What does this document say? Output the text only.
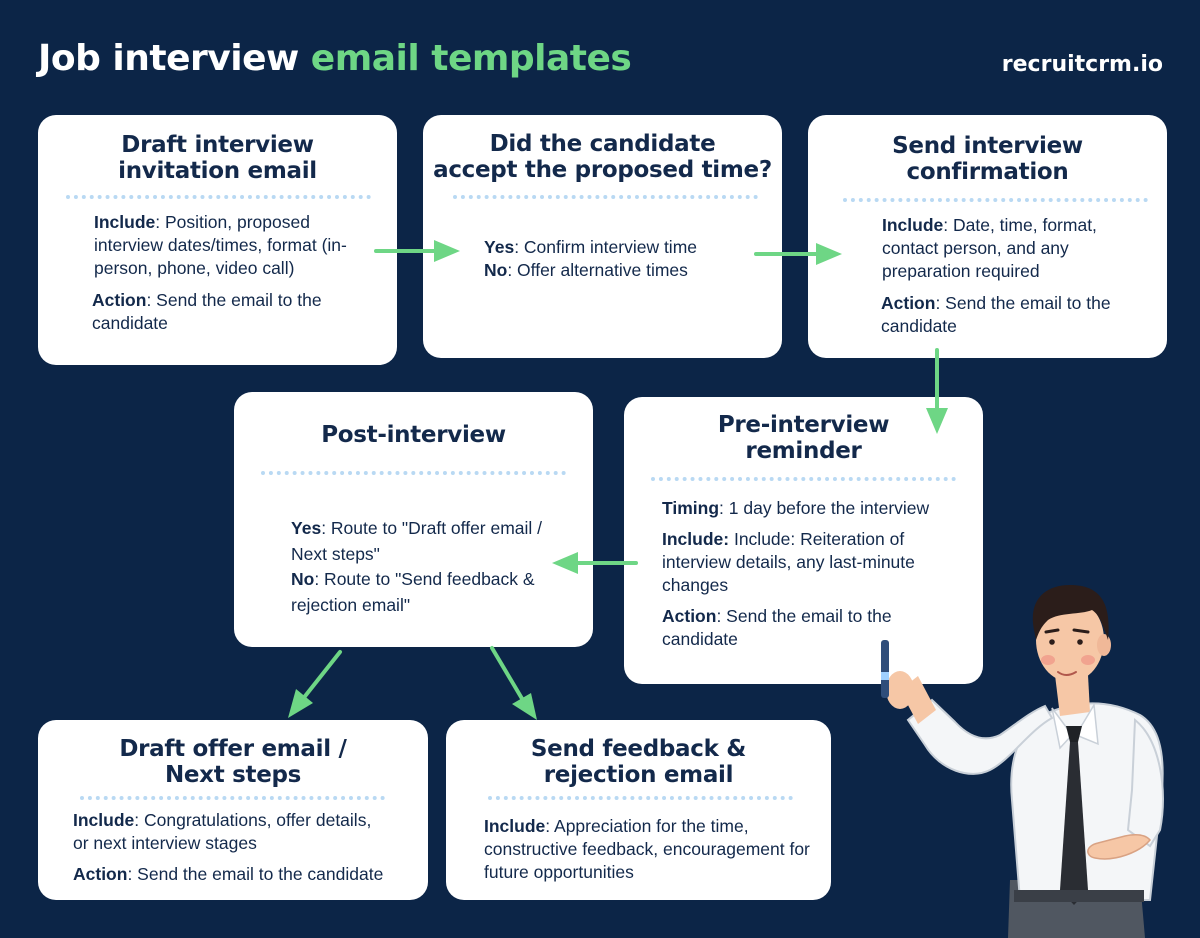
Job interview email templates	recruitcrm.io
Draft interview
invitation email

Include: Position, proposed interview dates/times, format (in-person, phone, video call)

Action: Send the email to the candidate

Did the candidate
accept the proposed time?

Yes: Confirm interview time

No: Offer alternative times

Send interview
confirmation

Include: Date, time, format, contact person, and any preparation required

Action: Send the email to the candidate

Pre-interview
reminder

Timing: 1 day before the interview

Include: Include: Reiteration of interview details, any last-minute changes

Action: Send the email to the candidate

Post-interview

Yes: Route to "Draft offer email / Next steps"

No: Route to "Send feedback & rejection email"

Draft offer email /
Next steps

Include: Congratulations, offer details, or next interview stages

Action: Send the email to the candidate

Send feedback &
rejection email

Include: Appreciation for the time, constructive feedback, encouragement for future opportunities
